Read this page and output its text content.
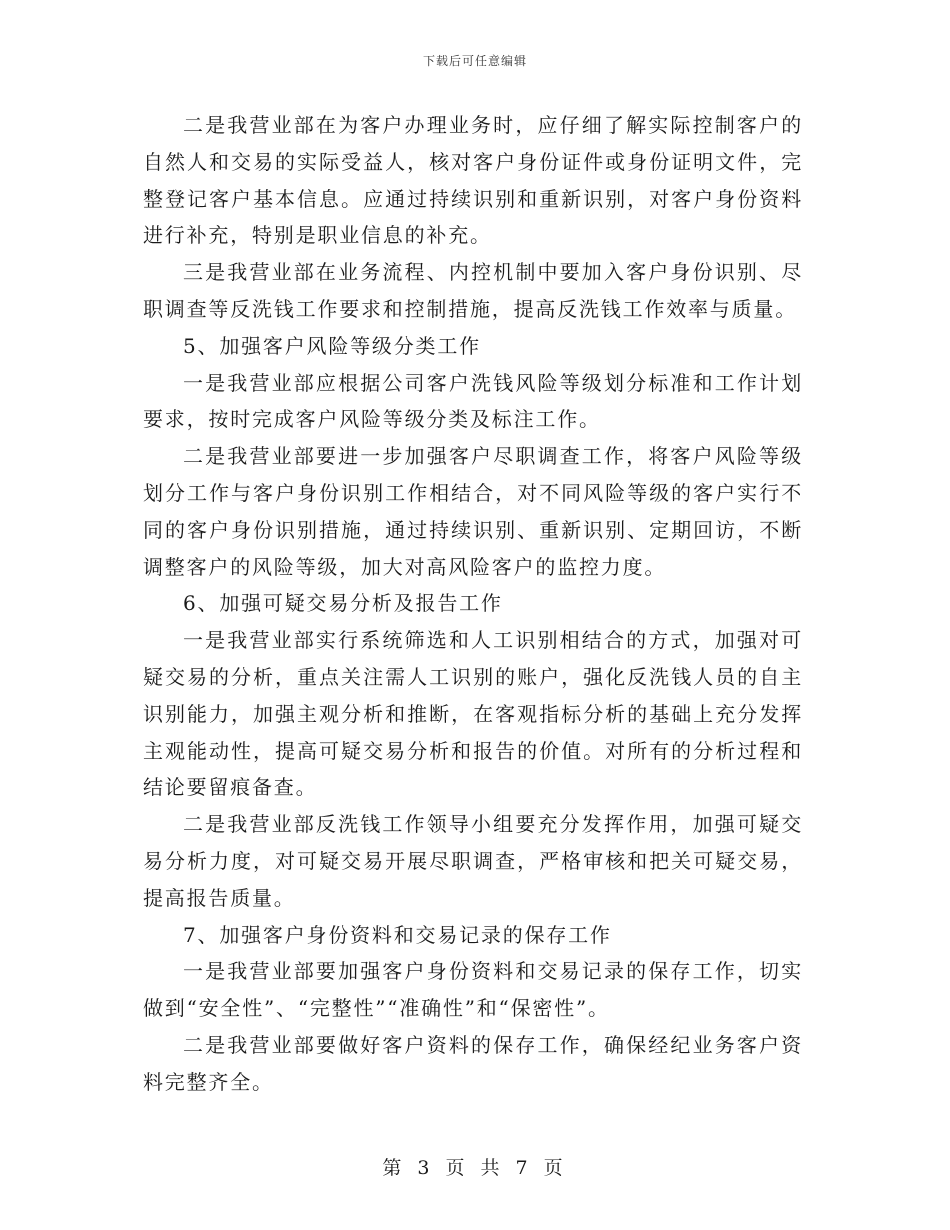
下载后可任意编辑

二是我营业部在为客户办理业务时，应仔细了解实际控制客户的自然人和交易的实际受益人，核对客户身份证件或身份证明文件，完整登记客户基本信息。应通过持续识别和重新识别，对客户身份资料进行补充，特别是职业信息的补充。

三是我营业部在业务流程、内控机制中要加入客户身份识别、尽职调查等反洗钱工作要求和控制措施，提高反洗钱工作效率与质量。

5、加强客户风险等级分类工作

一是我营业部应根据公司客户洗钱风险等级划分标准和工作计划要求，按时完成客户风险等级分类及标注工作。

二是我营业部要进一步加强客户尽职调查工作，将客户风险等级划分工作与客户身份识别工作相结合，对不同风险等级的客户实行不同的客户身份识别措施，通过持续识别、重新识别、定期回访，不断调整客户的风险等级，加大对高风险客户的监控力度。

6、加强可疑交易分析及报告工作

一是我营业部实行系统筛选和人工识别相结合的方式，加强对可疑交易的分析，重点关注需人工识别的账户，强化反洗钱人员的自主识别能力，加强主观分析和推断，在客观指标分析的基础上充分发挥主观能动性，提高可疑交易分析和报告的价值。对所有的分析过程和结论要留痕备查。

二是我营业部反洗钱工作领导小组要充分发挥作用，加强可疑交易分析力度，对可疑交易开展尽职调查，严格审核和把关可疑交易，提高报告质量。

7、加强客户身份资料和交易记录的保存工作

一是我营业部要加强客户身份资料和交易记录的保存工作，切实做到“安全性”、“完整性”“准确性”和“保密性”。

二是我营业部要做好客户资料的保存工作，确保经纪业务客户资料完整齐全。

第 3 页 共 7 页
